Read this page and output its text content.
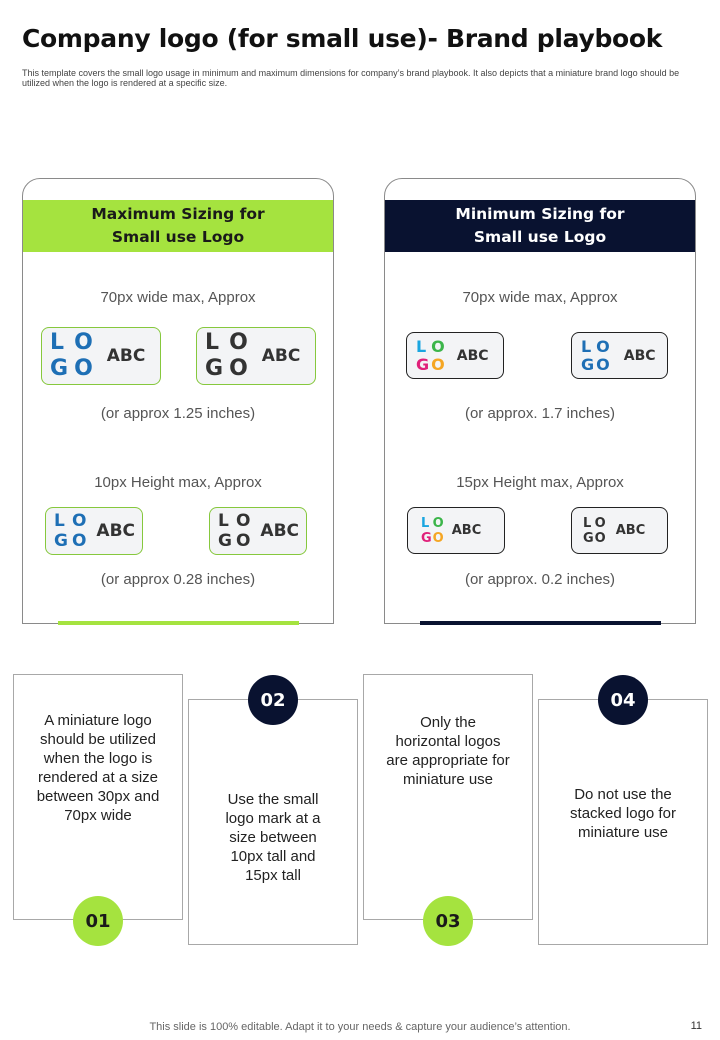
Company logo (for small use)- Brand playbook

This template covers the small logo usage in minimum and maximum dimensions for company’s brand playbook. It also depicts that a miniature brand logo should be utilized when the logo is rendered at a specific size.

Maximum Sizing for
Small use Logo
70px wide max, Approx
L O
G O ABC
L O
G O ABC
(or approx 1.25 inches)
10px Height max, Approx
L O
G O ABC
L O
G O ABC
(or approx 0.28 inches)
Minimum Sizing for
Small use Logo
70px wide max, Approx
L O
G O ABC	L O
G O ABC
(or approx. 1.7 inches)
15px Height max, Approx
L O
G O ABC	L O
G O ABC
(or approx. 0.2 inches)
A miniature logo should be utilized when the logo is rendered at a size between 30px and 70px wide
01
Use the small logo mark at a size between 10px tall and 15px tall
02
Only the horizontal logos are appropriate for miniature use
03
Do not use the stacked logo for miniature use
04
This slide is 100% editable. Adapt it to your needs & capture your audience’s attention.	11
